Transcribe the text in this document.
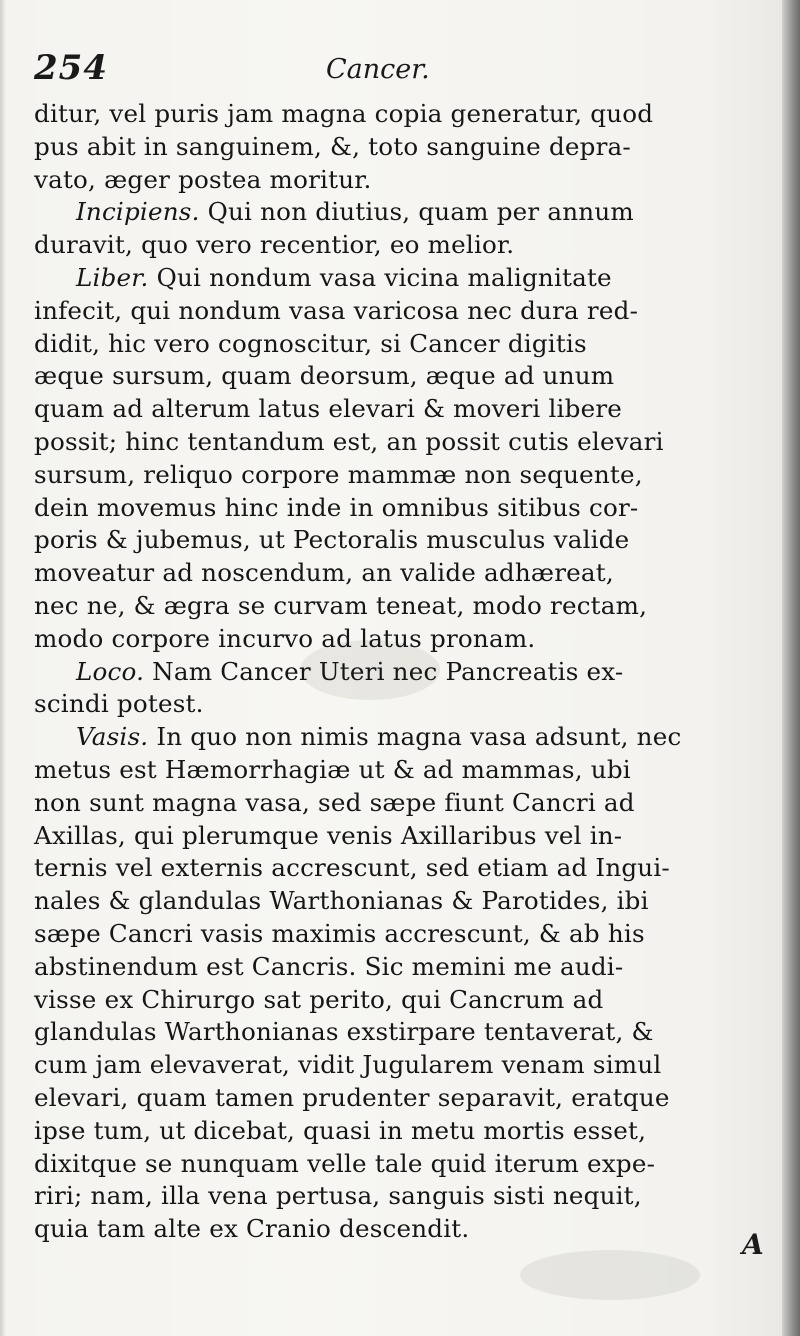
254	Cancer.
ditur, vel puris jam magna copia generatur, quod
pus abit in sanguinem, &, toto sanguine depra-
vato, æger postea moritur.
Incipiens. Qui non diutius, quam per annum
duravit, quo vero recentior, eo melior.
Liber. Qui nondum vasa vicina malignitate
infecit, qui nondum vasa varicosa nec dura red-
didit, hic vero cognoscitur, si Cancer digitis
æque sursum, quam deorsum, æque ad unum
quam ad alterum latus elevari & moveri libere
possit; hinc tentandum est, an possit cutis elevari
sursum, reliquo corpore mammæ non sequente,
dein movemus hinc inde in omnibus sitibus cor-
poris & jubemus, ut Pectoralis musculus valide
moveatur ad noscendum, an valide adhæreat,
nec ne, & ægra se curvam teneat, modo rectam,
modo corpore incurvo ad latus pronam.
Loco. Nam Cancer Uteri nec Pancreatis ex-
scindi potest.
Vasis. In quo non nimis magna vasa adsunt, nec
metus est Hæmorrhagiæ ut & ad mammas, ubi
non sunt magna vasa, sed sæpe fiunt Cancri ad
Axillas, qui plerumque venis Axillaribus vel in-
ternis vel externis accrescunt, sed etiam ad Ingui-
nales & glandulas Warthonianas & Parotides, ibi
sæpe Cancri vasis maximis accrescunt, & ab his
abstinendum est Cancris. Sic memini me audi-
visse ex Chirurgo sat perito, qui Cancrum ad
glandulas Warthonianas exstirpare tentaverat, &
cum jam elevaverat, vidit Jugularem venam simul
elevari, quam tamen prudenter separavit, eratque
ipse tum, ut dicebat, quasi in metu mortis esset,
dixitque se nunquam velle tale quid iterum expe-
riri; nam, illa vena pertusa, sanguis sisti nequit,
quia tam alte ex Cranio descendit.	A
